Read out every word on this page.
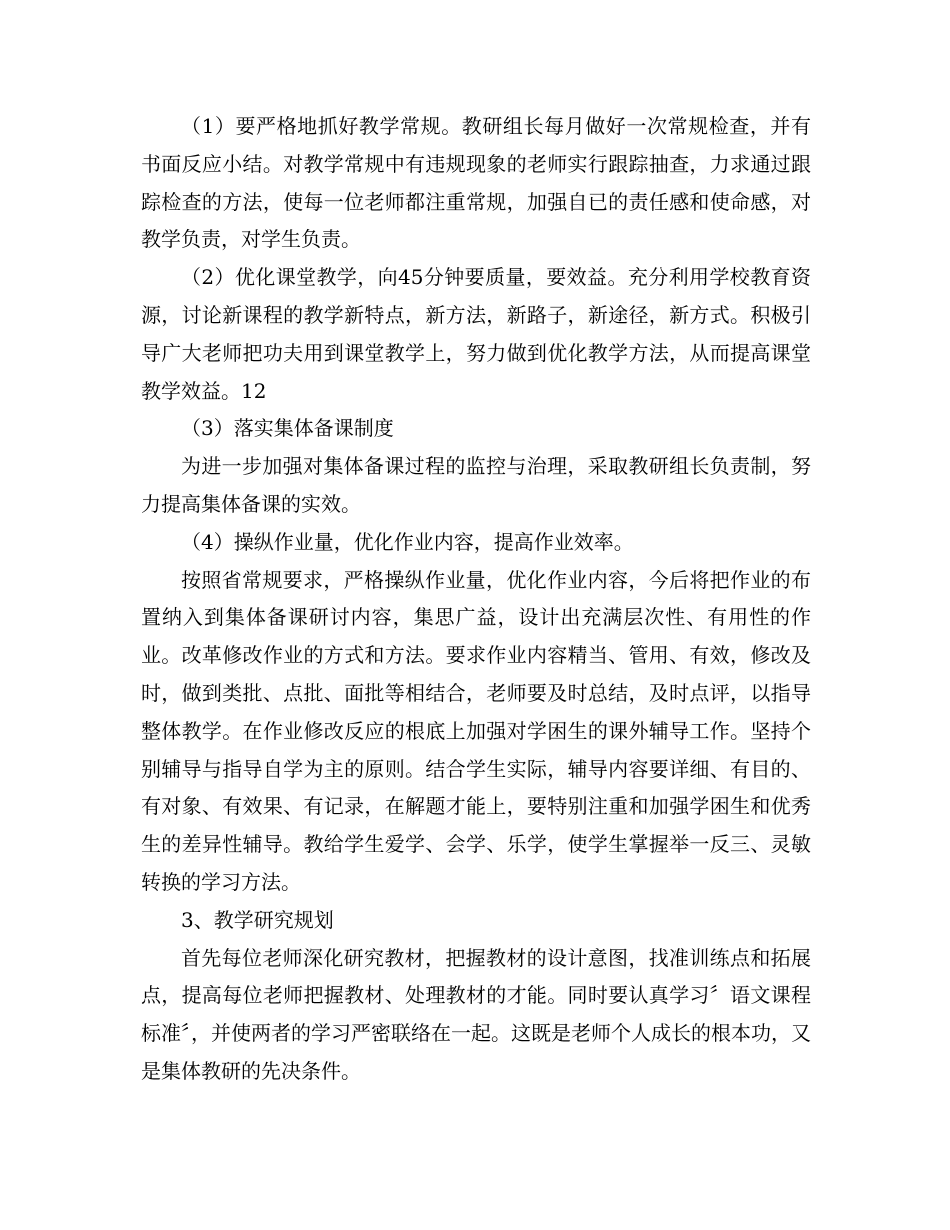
（1）要严格地抓好教学常规。教研组长每月做好一次常规检查，并有书面反应小结。对教学常规中有违规现象的老师实行跟踪抽查，力求通过跟踪检查的方法，使每一位老师都注重常规，加强自已的责任感和使命感，对教学负责，对学生负责。

（2）优化课堂教学，向45分钟要质量，要效益。充分利用学校教育资源，讨论新课程的教学新特点，新方法，新路子，新途径，新方式。积极引导广大老师把功夫用到课堂教学上，努力做到优化教学方法，从而提高课堂教学效益。12

（3）落实集体备课制度

为进一步加强对集体备课过程的监控与治理，采取教研组长负责制，努力提高集体备课的实效。

（4）操纵作业量，优化作业内容，提高作业效率。

按照省常规要求，严格操纵作业量，优化作业内容，今后将把作业的布置纳入到集体备课研讨内容，集思广益，设计出充满层次性、有用性的作业。改革修改作业的方式和方法。要求作业内容精当、管用、有效，修改及时，做到类批、点批、面批等相结合，老师要及时总结，及时点评，以指导整体教学。在作业修改反应的根底上加强对学困生的课外辅导工作。坚持个别辅导与指导自学为主的原则。结合学生实际，辅导内容要详细、有目的、有对象、有效果、有记录，在解题才能上，要特别注重和加强学困生和优秀生的差异性辅导。教给学生爱学、会学、乐学，使学生掌握举一反三、灵敏转换的学习方法。

3、教学研究规划

首先每位老师深化研究教材，把握教材的设计意图，找准训练点和拓展点，提高每位老师把握教材、处理教材的才能。同时要认真学习〞语文课程标准〞，并使两者的学习严密联络在一起。这既是老师个人成长的根本功，又是集体教研的先决条件。
